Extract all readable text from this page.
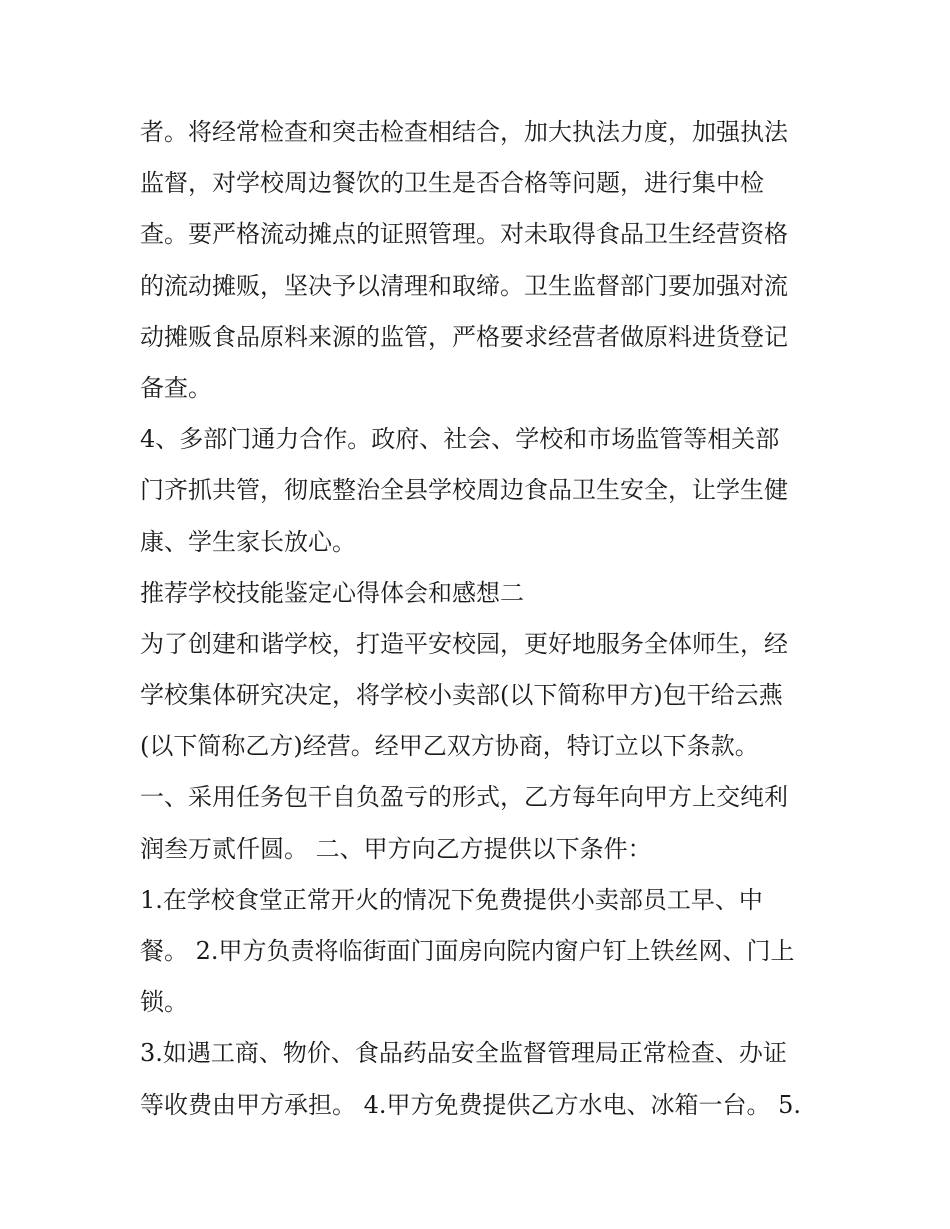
者。将经常检查和突击检查相结合，加大执法力度，加强执法
监督，对学校周边餐饮的卫生是否合格等问题，进行集中检
查。要严格流动摊点的证照管理。对未取得食品卫生经营资格
的流动摊贩，坚决予以清理和取缔。卫生监督部门要加强对流
动摊贩食品原料来源的监管，严格要求经营者做原料进货登记
备查。
4、多部门通力合作。政府、社会、学校和市场监管等相关部
门齐抓共管，彻底整治全县学校周边食品卫生安全，让学生健
康、学生家长放心。
推荐学校技能鉴定心得体会和感想二
为了创建和谐学校，打造平安校园，更好地服务全体师生，经
学校集体研究决定，将学校小卖部(以下简称甲方)包干给云燕
(以下简称乙方)经营。经甲乙双方协商，特订立以下条款。
一、采用任务包干自负盈亏的形式，乙方每年向甲方上交纯利
润叁万贰仟圆。 二、甲方向乙方提供以下条件：
1.在学校食堂正常开火的情况下免费提供小卖部员工早、中
餐。 2.甲方负责将临街面门面房向院内窗户钉上铁丝网、门上
锁。
3.如遇工商、物价、食品药品安全监督管理局正常检查、办证
等收费由甲方承担。 4.甲方免费提供乙方水电、冰箱一台。 5.
